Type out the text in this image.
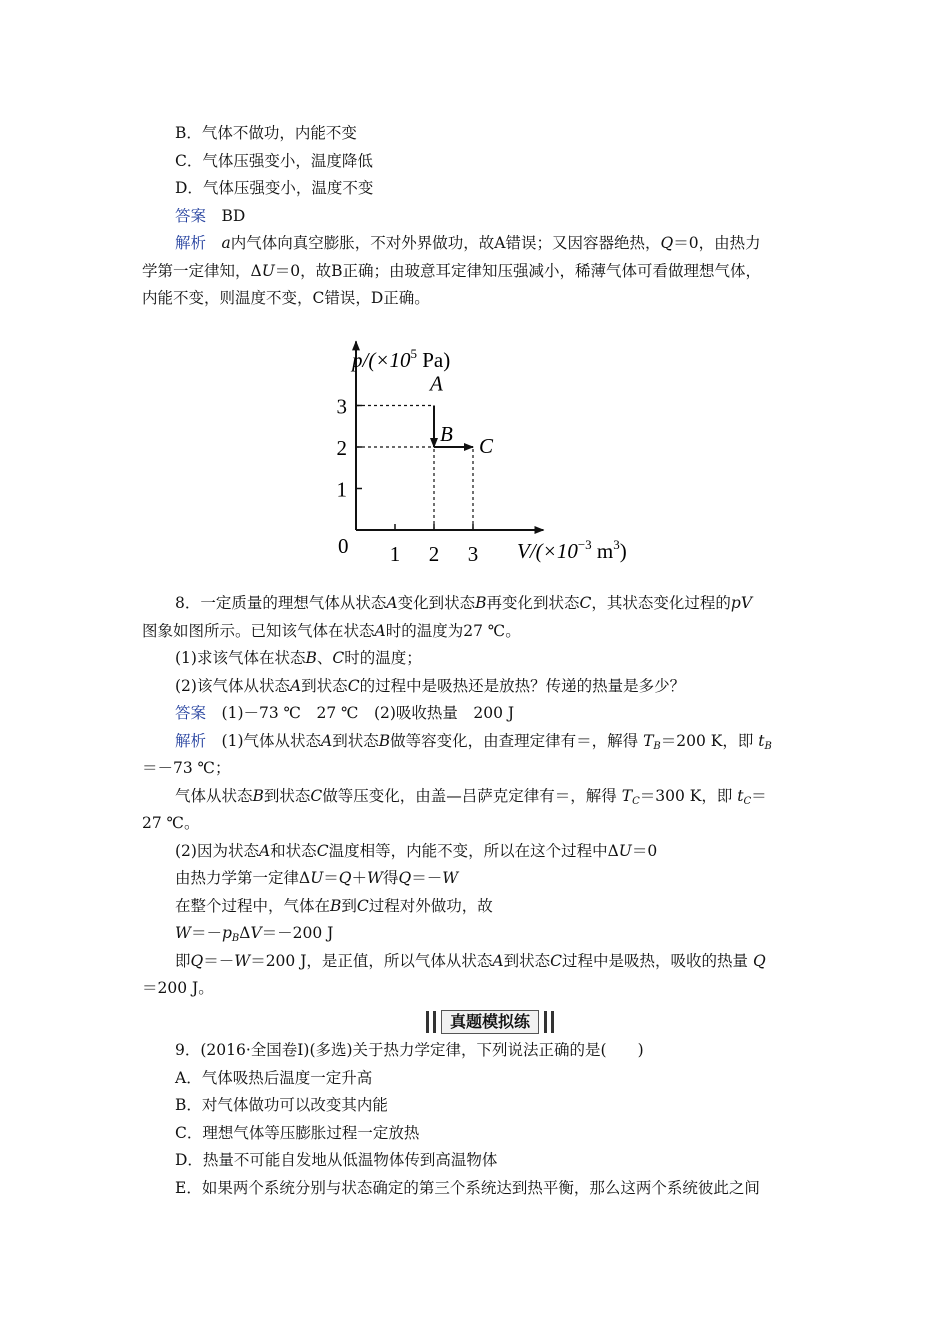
B．气体不做功，内能不变

C．气体压强变小，温度降低

D．气体压强变小，温度不变

答案　 BD

解析　 a内气体向真空膨胀，不对外界做功，故A错误；又因容器绝热，Q＝0，由热力

学第一定律知，ΔU＝0，故B正确；由玻意耳定律知压强减小，稀薄气体可看做理想气体，

内能不变，则温度不变，C错误，D正确。

1 2 3
1
2
3
A
B C
$p/(\times 10^5$ Pa)
$V/(\times 10^{-3}$ $m^3$)
0

8．一定质量的理想气体从状态A变化到状态B再变化到状态C，其状态变化过程的pV

图象如图所示。已知该气体在状态A时的温度为27 ℃。

(1)求该气体在状态B、C时的温度；

(2)该气体从状态A到状态C的过程中是吸热还是放热？传递的热量是多少？

答案　 (1)－73 ℃　27 ℃　(2)吸收热量　200 J

解析　 (1)气体从状态A到状态B做等容变化，由查理定律有＝，解得 $T_B=200$ K，即 $t_B$

＝－73 ℃；

气体从状态B到状态C做等压变化，由盖—吕萨克定律有＝，解得 $T_C=300$ K，即 $t_C=$

27 ℃。

(2)因为状态A和状态C温度相等，内能不变，所以在这个过程中ΔU＝0

由热力学第一定律ΔU＝Q＋W得Q＝－W

在整个过程中，气体在B到C过程对外做功，故

$W=-p_B\Delta V=-200$ J

即Q＝－W＝200 J，是正值，所以气体从状态A到状态C过程中是吸热，吸收的热量 Q

＝200 J。

真题模拟练

9．(2016·全国卷Ⅰ)(多选)关于热力学定律，下列说法正确的是(　　)

A．气体吸热后温度一定升高

B．对气体做功可以改变其内能

C．理想气体等压膨胀过程一定放热

D．热量不可能自发地从低温物体传到高温物体

E．如果两个系统分别与状态确定的第三个系统达到热平衡，那么这两个系统彼此之间
